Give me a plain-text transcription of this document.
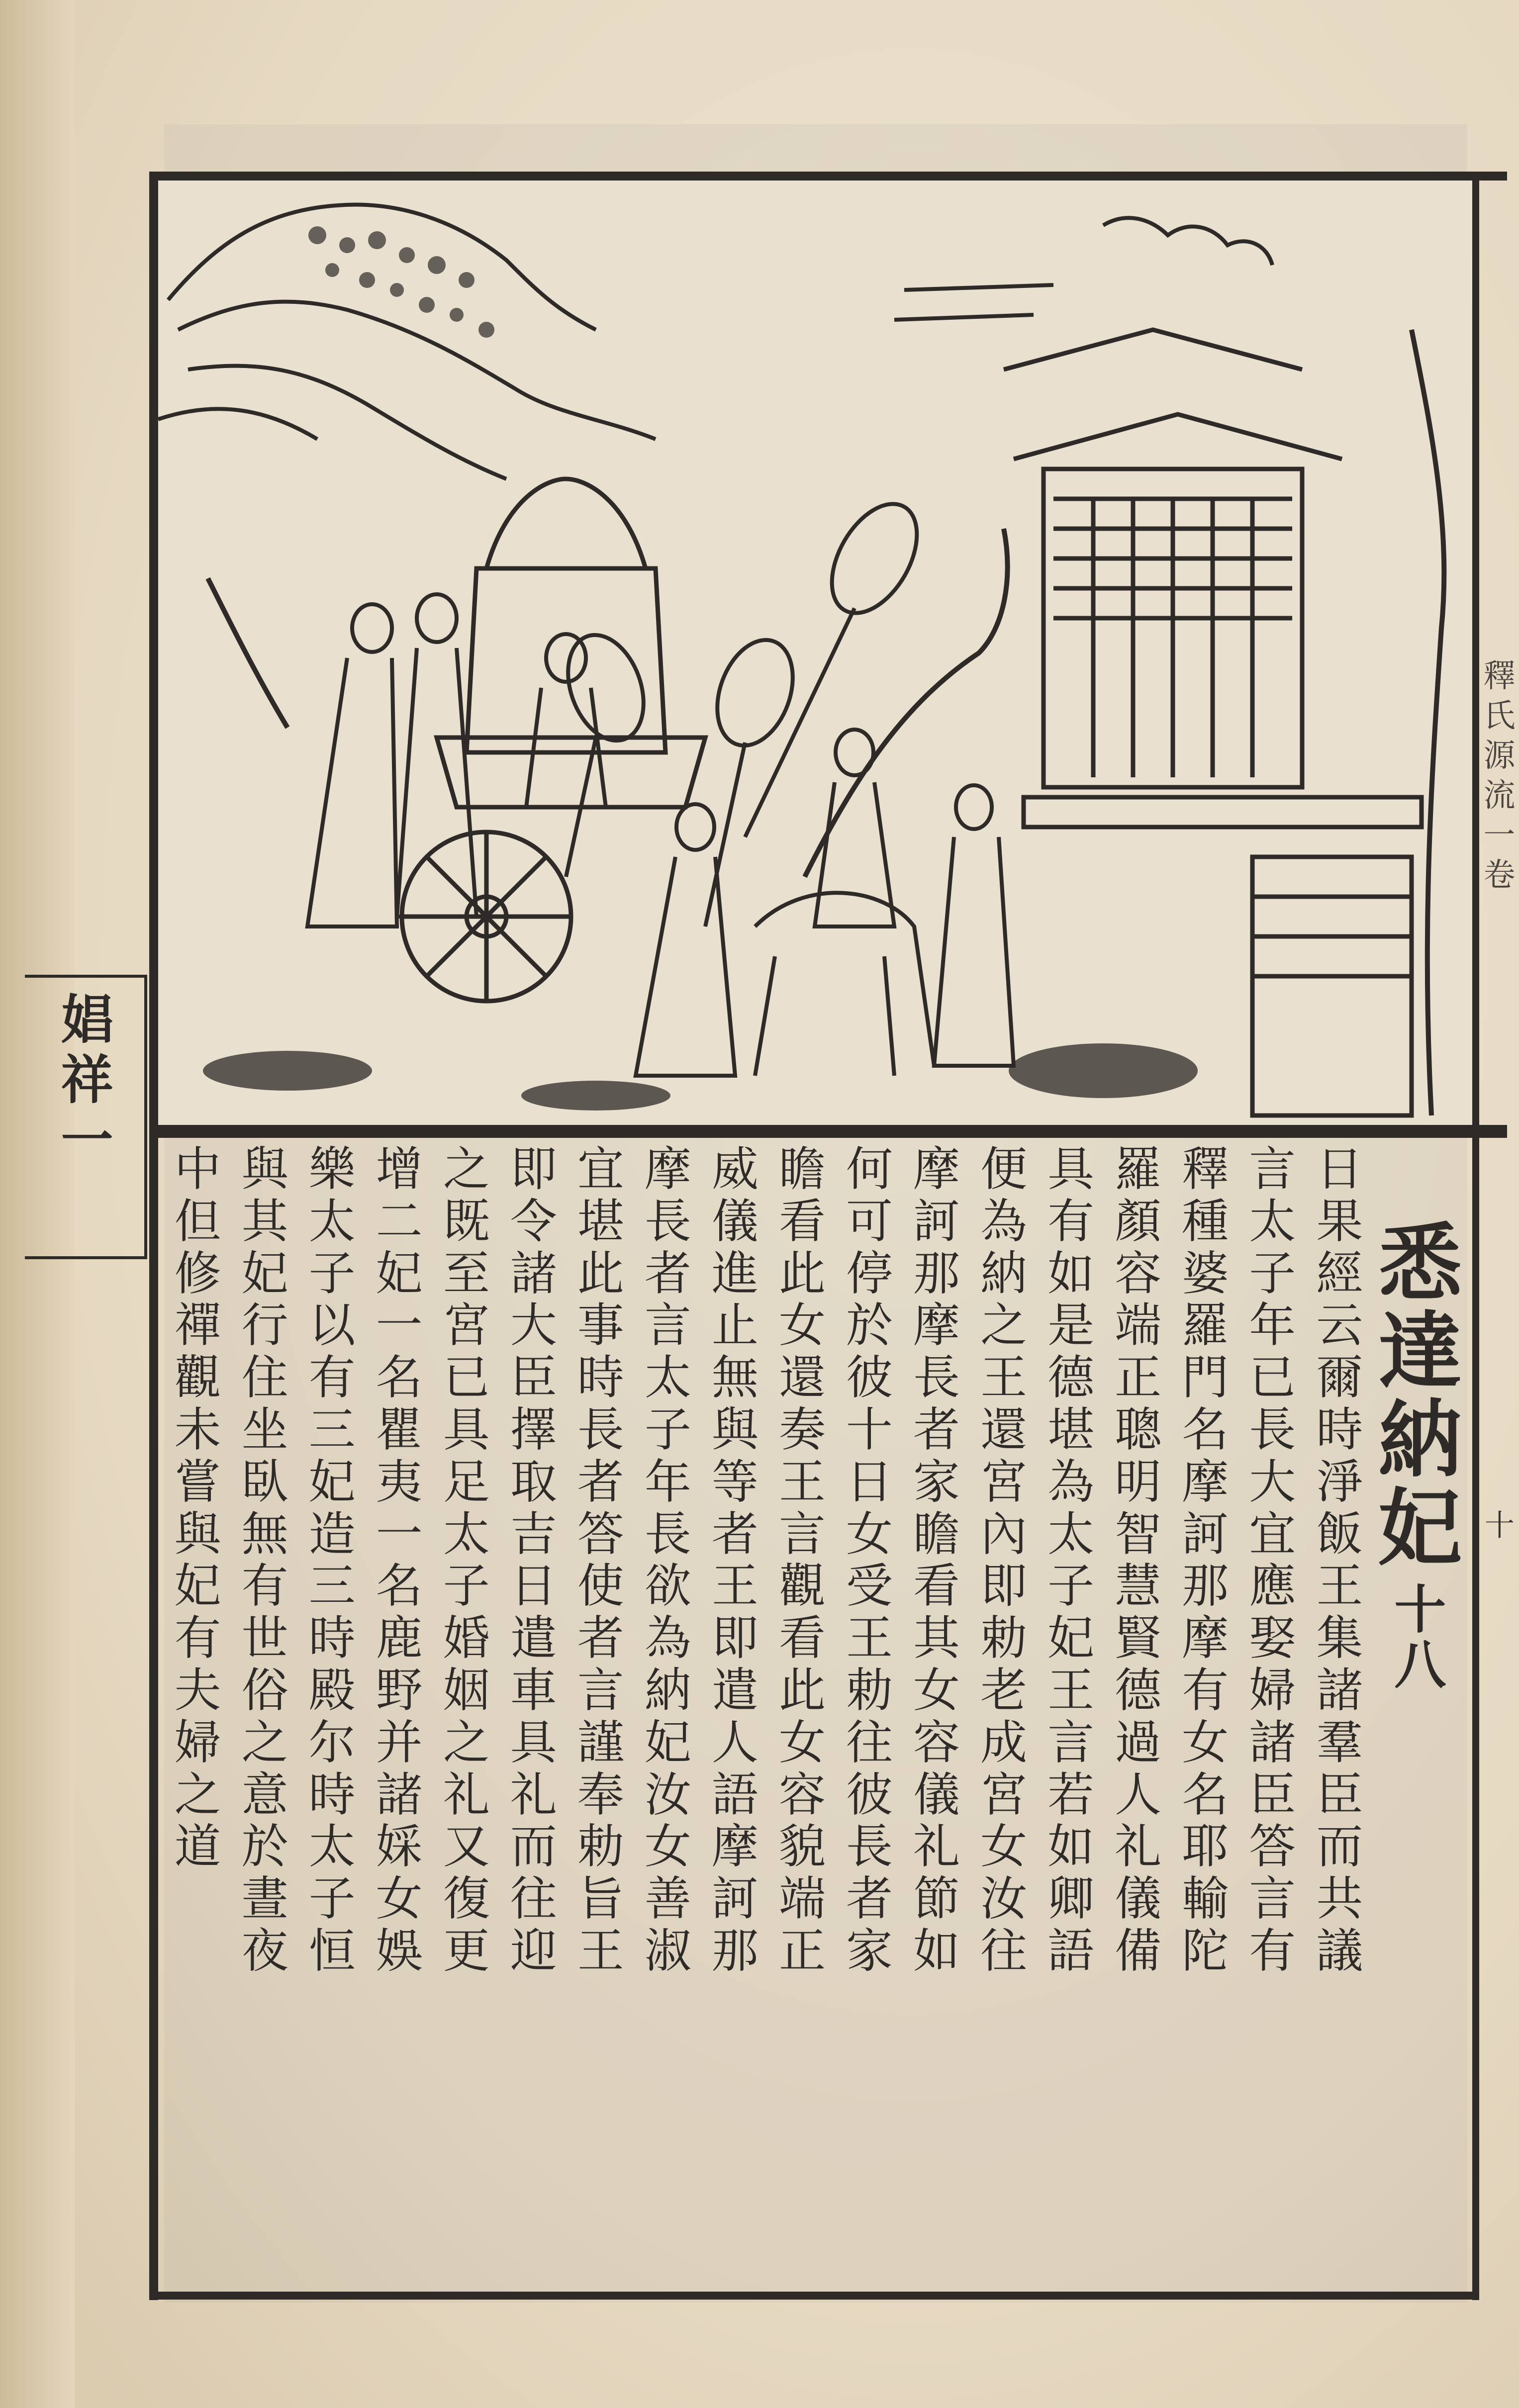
娼
祥
一
釋
氏
源
流
一
卷
十
悉
達
納
妃
十
八
日
果
經
云
爾
時
淨
飯
王
集
諸
羣
臣
而
共
議
言
太
子
年
已
長
大
宜
應
娶
婦
諸
臣
答
言
有
釋
種
婆
羅
門
名
摩
訶
那
摩
有
女
名
耶
輸
陀
羅
顏
容
端
正
聰
明
智
慧
賢
德
過
人
礼
儀
備
具
有
如
是
德
堪
為
太
子
妃
王
言
若
如
卿
語
便
為
納
之
王
還
宮
內
即
勅
老
成
宮
女
汝
往
摩
訶
那
摩
長
者
家
瞻
看
其
女
容
儀
礼
節
如
何
可
停
於
彼
十
日
女
受
王
勅
往
彼
長
者
家
瞻
看
此
女
還
奏
王
言
觀
看
此
女
容
貌
端
正
威
儀
進
止
無
與
等
者
王
即
遣
人
語
摩
訶
那
摩
長
者
言
太
子
年
長
欲
為
納
妃
汝
女
善
淑
宜
堪
此
事
時
長
者
答
使
者
言
謹
奉
勅
旨
王
即
令
諸
大
臣
擇
取
吉
日
遣
車
具
礼
而
往
迎
之
既
至
宮
已
具
足
太
子
婚
姻
之
礼
又
復
更
增
二
妃
一
名
瞿
夷
一
名
鹿
野
并
諸
婇
女
娛
樂
太
子
以
有
三
妃
造
三
時
殿
尔
時
太
子
恒
與
其
妃
行
住
坐
臥
無
有
世
俗
之
意
於
晝
夜
中
但
修
禪
觀
未
嘗
與
妃
有
夫
婦
之
道
